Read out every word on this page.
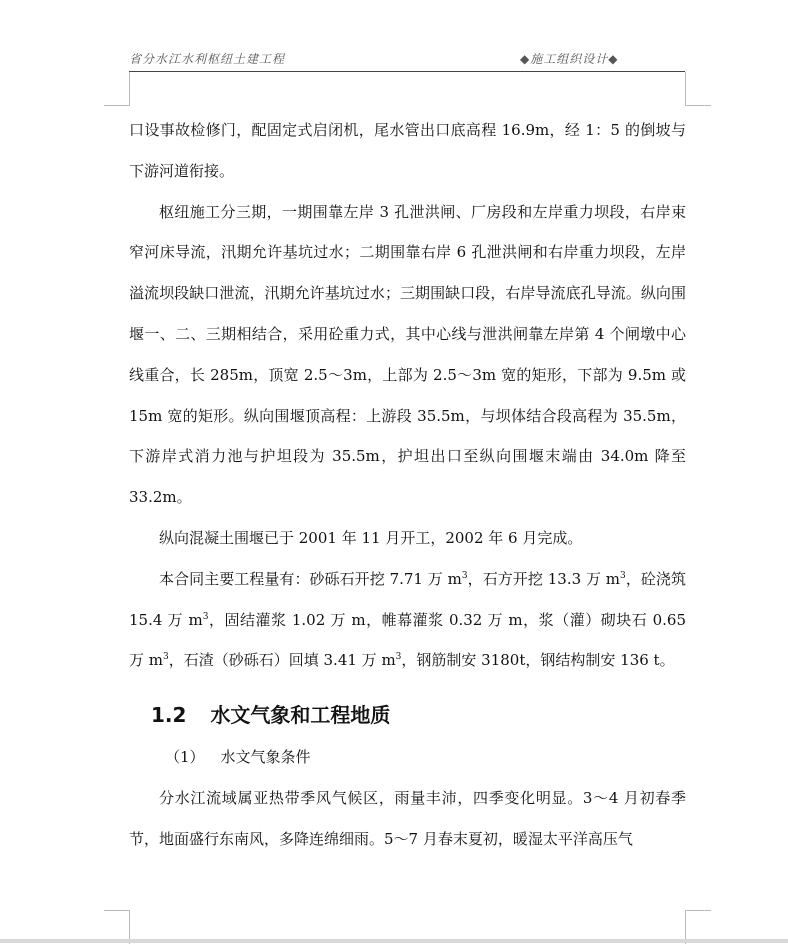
省分水江水利枢纽土建工程	◆施工组织设计◆

口设事故检修门，配固定式启闭机，尾水管出口底高程 16.9m，经 1：5 的倒坡与下游河道衔接。

枢纽施工分三期，一期围靠左岸 3 孔泄洪闸、厂房段和左岸重力坝段，右岸束窄河床导流，汛期允许基坑过水；二期围靠右岸 6 孔泄洪闸和右岸重力坝段，左岸溢流坝段缺口泄流，汛期允许基坑过水；三期围缺口段，右岸导流底孔导流。纵向围堰一、二、三期相结合，采用砼重力式，其中心线与泄洪闸靠左岸第 4 个闸墩中心线重合，长 285m，顶宽 2.5～3m，上部为 2.5～3m 宽的矩形，下部为 9.5m 或 15m 宽的矩形。纵向围堰顶高程：上游段 35.5m，与坝体结合段高程为 35.5m，下游岸式消力池与护坦段为 35.5m，护坦出口至纵向围堰末端由 34.0m 降至 33.2m。

纵向混凝土围堰已于 2001 年 11 月开工，2002 年 6 月完成。

本合同主要工程量有：砂砾石开挖 7.71 万 $m^3$，石方开挖 13.3 万 $m^3$，砼浇筑 15.4 万 $m^3$，固结灌浆 1.02 万 m，帷幕灌浆 0.32 万 m，浆（灌）砌块石 0.65 万 $m^3$，石渣（砂砾石）回填 3.41 万 $m^3$，钢筋制安 3180t，钢结构制安 136 t。

1.2 水文气象和工程地质

（1） 水文气象条件

分水江流域属亚热带季风气候区，雨量丰沛，四季变化明显。3～4 月初春季节，地面盛行东南风，多降连绵细雨。5～7 月春末夏初，暖湿太平洋高压气
